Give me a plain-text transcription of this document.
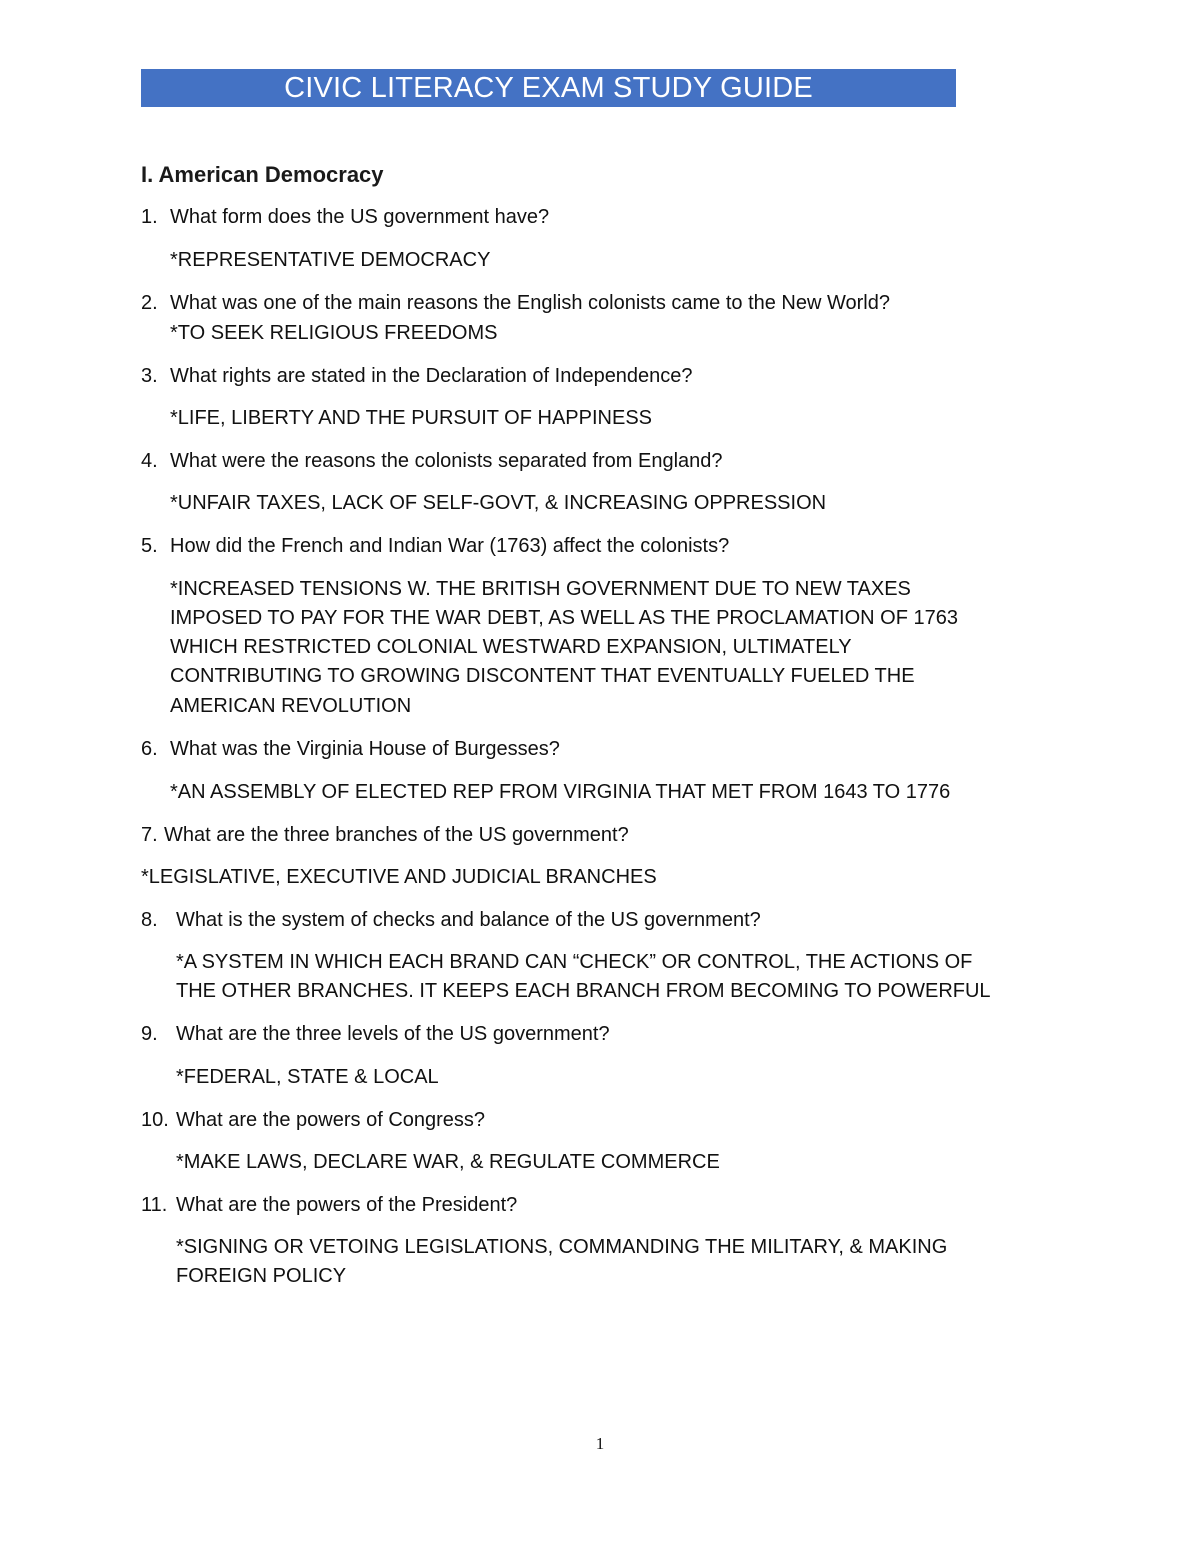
CIVIC LITERACY EXAM STUDY GUIDE
I. American Democracy
1. What form does the US government have?
*REPRESENTATIVE DEMOCRACY
2. What was one of the main reasons the English colonists came to the New World?
*TO SEEK RELIGIOUS FREEDOMS
3. What rights are stated in the Declaration of Independence?
*LIFE, LIBERTY AND THE PURSUIT OF HAPPINESS
4. What were the reasons the colonists separated from England?
*UNFAIR TAXES, LACK OF SELF-GOVT, & INCREASING OPPRESSION
5. How did the French and Indian War (1763) affect the colonists?
*INCREASED TENSIONS W. THE BRITISH GOVERNMENT DUE TO NEW TAXES
IMPOSED TO PAY FOR THE WAR DEBT, AS WELL AS THE PROCLAMATION OF 1763
WHICH RESTRICTED COLONIAL WESTWARD EXPANSION, ULTIMATELY
CONTRIBUTING TO GROWING DISCONTENT THAT EVENTUALLY FUELED THE
AMERICAN REVOLUTION
6. What was the Virginia House of Burgesses?
*AN ASSEMBLY OF ELECTED REP FROM VIRGINIA THAT MET FROM 1643 TO 1776
7. What are the three branches of the US government?
*LEGISLATIVE, EXECUTIVE AND JUDICIAL BRANCHES
8. What is the system of checks and balance of the US government?
*A SYSTEM IN WHICH EACH BRAND CAN “CHECK” OR CONTROL, THE ACTIONS OF
THE OTHER BRANCHES. IT KEEPS EACH BRANCH FROM BECOMING TO POWERFUL
9. What are the three levels of the US government?
*FEDERAL, STATE & LOCAL
10. What are the powers of Congress?
*MAKE LAWS, DECLARE WAR, & REGULATE COMMERCE
11. What are the powers of the President?
*SIGNING OR VETOING LEGISLATIONS, COMMANDING THE MILITARY, & MAKING
FOREIGN POLICY
1
